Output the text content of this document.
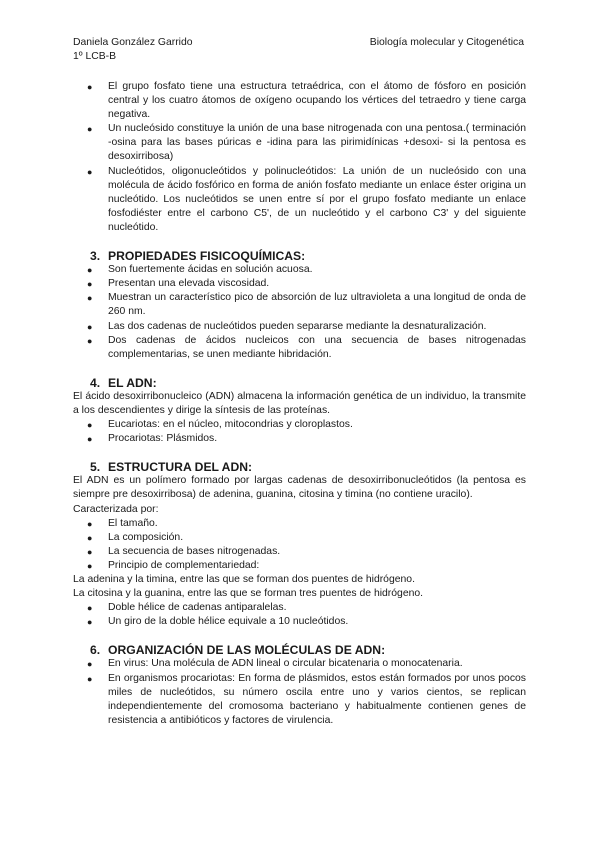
Daniela González Garrido	Biología molecular y Citogenética
1º LCB-B
● El grupo fosfato tiene una estructura tetraédrica, con el átomo de fósforo en posición central y los cuatro átomos de oxígeno ocupando los vértices del tetraedro y tiene carga negativa.
● Un nucleósido constituye la unión de una base nitrogenada con una pentosa.( terminación -osina para las bases púricas e -idina para las pirimidínicas +desoxi- si la pentosa es desoxirribosa)
● Nucleótidos, oligonucleótidos y polinucleótidos: La unión de un nucleósido con una molécula de ácido fosfórico en forma de anión fosfato mediante un enlace éster origina un nucleótido. Los nucleótidos se unen entre sí por el grupo fosfato mediante un enlace fosfodiéster entre el carbono C5', de un nucleótido y el carbono C3' y del siguiente nucleótido.
3. PROPIEDADES FISICOQUÍMICAS:
● Son fuertemente ácidas en solución acuosa.
● Presentan una elevada viscosidad.
● Muestran un característico pico de absorción de luz ultravioleta a una longitud de onda de 260 nm.
● Las dos cadenas de nucleótidos pueden separarse mediante la desnaturalización.
● Dos cadenas de ácidos nucleicos con una secuencia de bases nitrogenadas complementarias, se unen mediante hibridación.
4. EL ADN:

El ácido desoxirribonucleico (ADN) almacena la información genética de un individuo, la transmite a los descendientes y dirige la síntesis de las proteínas.

● Eucariotas: en el núcleo, mitocondrias y cloroplastos.
● Procariotas: Plásmidos.
5. ESTRUCTURA DEL ADN:

El ADN es un polímero formado por largas cadenas de desoxirribonucleótidos (la pentosa es siempre pre desoxirribosa) de adenina, guanina, citosina y timina (no contiene uracilo).

Caracterizada por:
● El tamaño.
● La composición.
● La secuencia de bases nitrogenadas.
● Principio de complementariedad:
La adenina y la timina, entre las que se forman dos puentes de hidrógeno.
La citosina y la guanina, entre las que se forman tres puentes de hidrógeno.
● Doble hélice de cadenas antiparalelas.
● Un giro de la doble hélice equivale a 10 nucleótidos.
6. ORGANIZACIÓN DE LAS MOLÉCULAS DE ADN:
● En virus: Una molécula de ADN lineal o circular bicatenaria o monocatenaria.
● En organismos procariotas: En forma de plásmidos, estos están formados por unos pocos miles de nucleótidos, su número oscila entre uno y varios cientos, se replican independientemente del cromosoma bacteriano y habitualmente contienen genes de resistencia a antibióticos y factores de virulencia.
